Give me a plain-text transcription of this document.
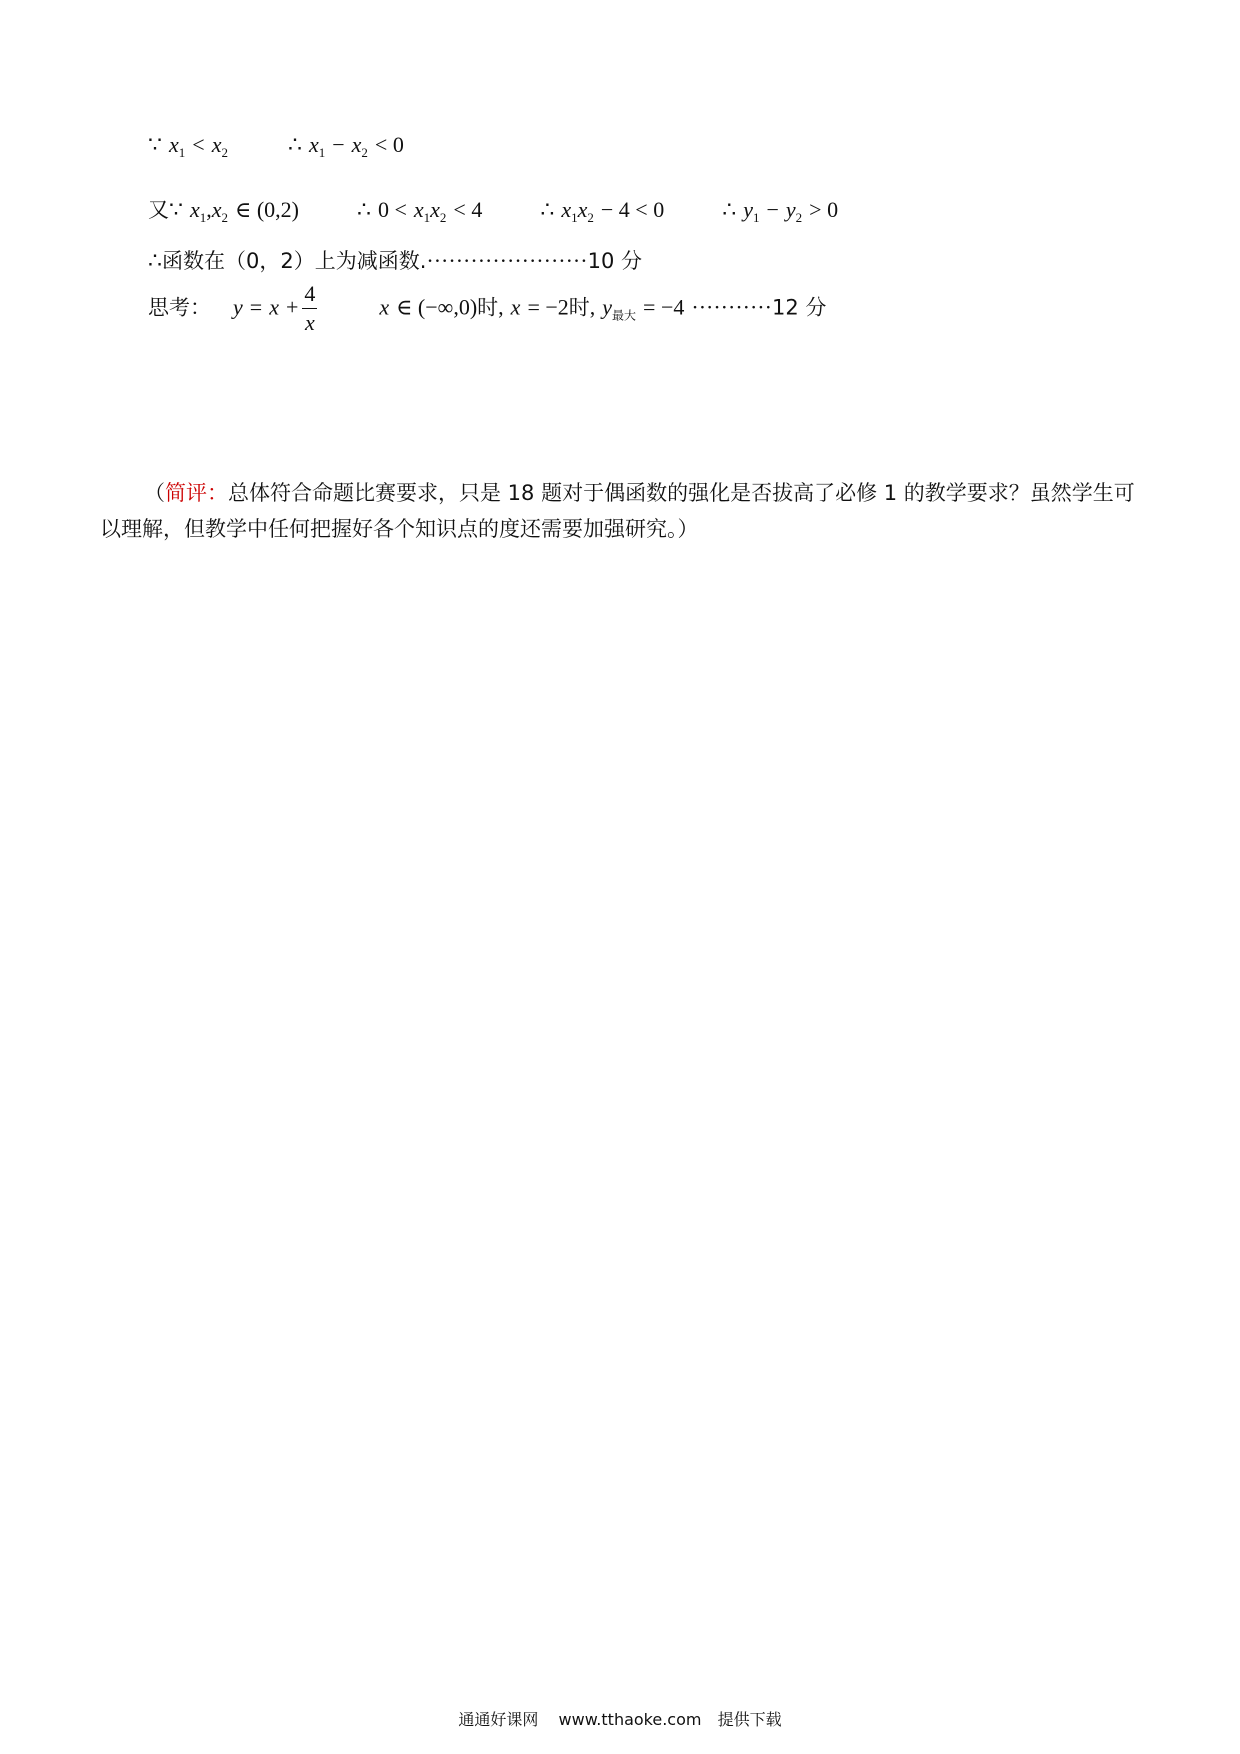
∵ $x_1 < x_2$	∴ $x_1 - x_2 < 0$
又∵ $x_1,x_2$ ∈ (0,2)	∴ $0 < x_1x_2 < 4$	∴ $x_1x_2 - 4 < 0$	∴ $y_1 - y_2 > 0$
∴函数在（0，2）上为减函数.······················10 分
思考： $y = x + \frac{4}{x}$	x ∈ (−∞,0)时, x = −2时, $y_{最大} = -4 \cdot\cdot\cdot\cdot\cdot\cdot\cdot\cdot\cdot\cdot\cdot 12$ 分
（简评：总体符合命题比赛要求，只是 18 题对于偶函数的强化是否拔高了必修 1 的教学要求？虽然学生可以理解，但教学中任何把握好各个知识点的度还需要加强研究。）
通通好课网 www.tthaoke.com 提供下载
